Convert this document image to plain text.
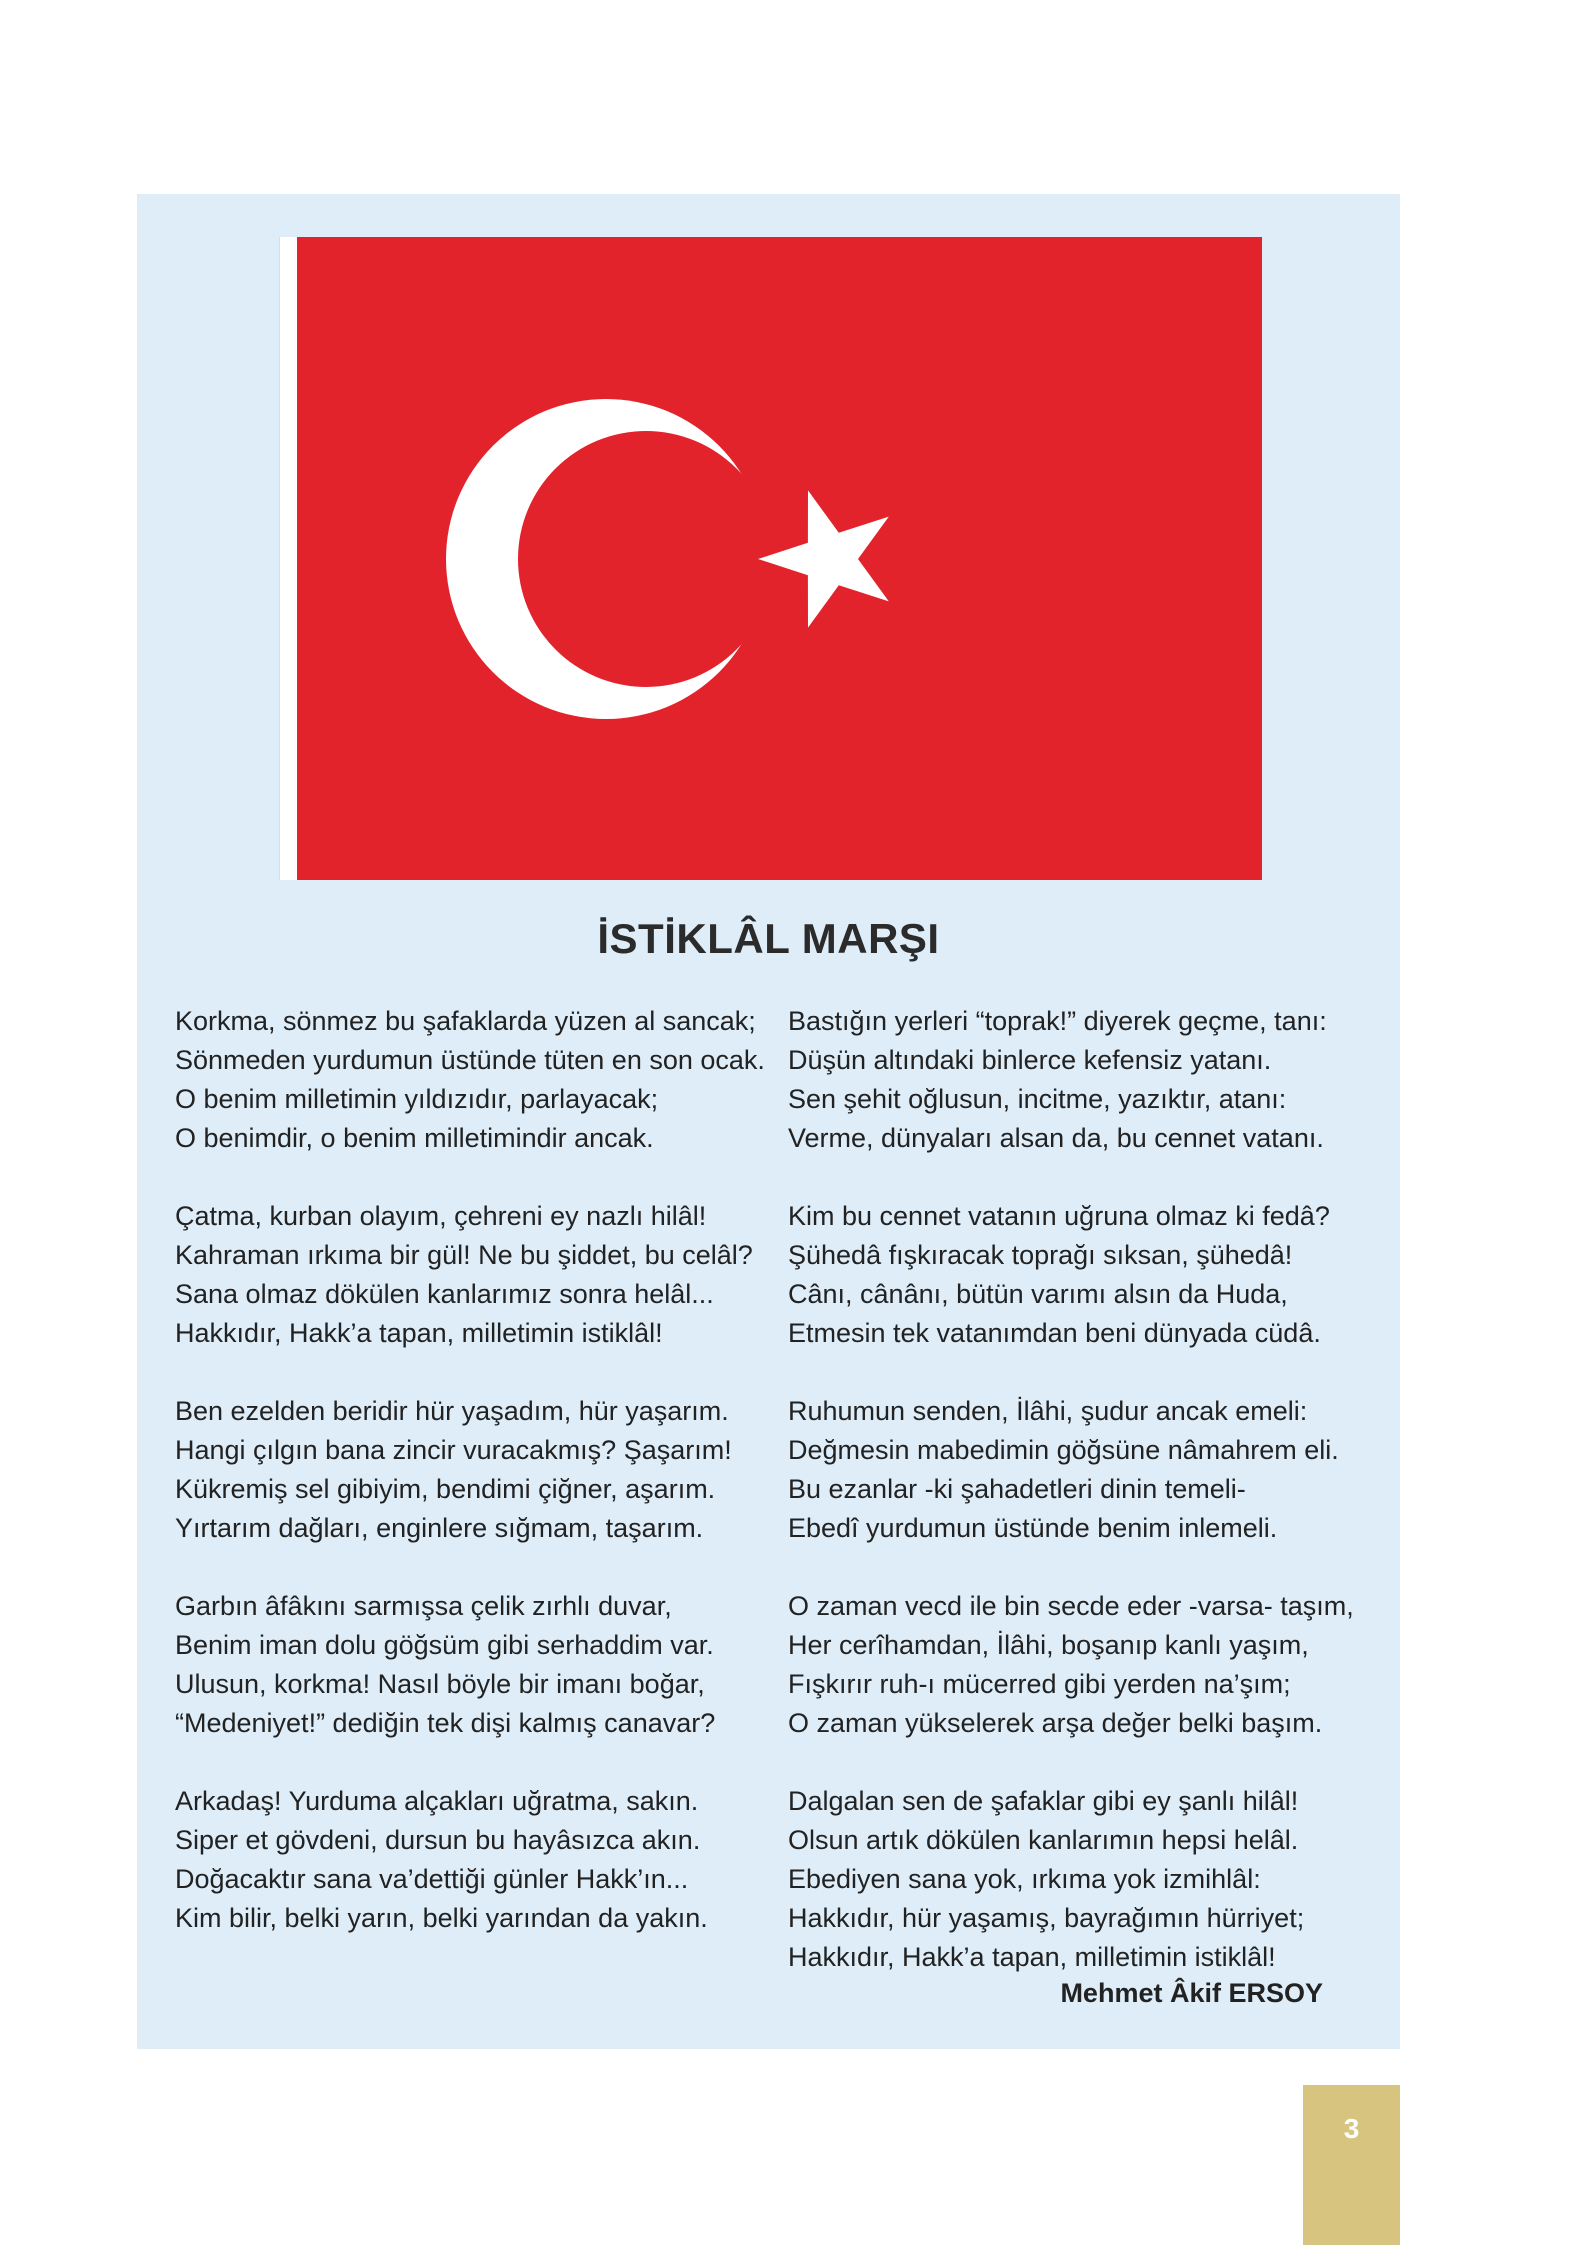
İSTİKLÂL MARŞI
Korkma, sönmez bu şafaklarda yüzen al sancak;
Sönmeden yurdumun üstünde tüten en son ocak.
O benim milletimin yıldızıdır, parlayacak;
O benimdir, o benim milletimindir ancak.
Çatma, kurban olayım, çehreni ey nazlı hilâl!
Kahraman ırkıma bir gül! Ne bu şiddet, bu celâl?
Sana olmaz dökülen kanlarımız sonra helâl...
Hakkıdır, Hakk’a tapan, milletimin istiklâl!
Ben ezelden beridir hür yaşadım, hür yaşarım.
Hangi çılgın bana zincir vuracakmış? Şaşarım!
Kükremiş sel gibiyim, bendimi çiğner, aşarım.
Yırtarım dağları, enginlere sığmam, taşarım.
Garbın âfâkını sarmışsa çelik zırhlı duvar,
Benim iman dolu göğsüm gibi serhaddim var.
Ulusun, korkma! Nasıl böyle bir imanı boğar,
“Medeniyet!” dediğin tek dişi kalmış canavar?
Arkadaş! Yurduma alçakları uğratma, sakın.
Siper et gövdeni, dursun bu hayâsızca akın.
Doğacaktır sana va’dettiği günler Hakk’ın...
Kim bilir, belki yarın, belki yarından da yakın.
Bastığın yerleri “toprak!” diyerek geçme, tanı:
Düşün altındaki binlerce kefensiz yatanı.
Sen şehit oğlusun, incitme, yazıktır, atanı:
Verme, dünyaları alsan da, bu cennet vatanı.
Kim bu cennet vatanın uğruna olmaz ki fedâ?
Şühedâ fışkıracak toprağı sıksan, şühedâ!
Cânı, cânânı, bütün varımı alsın da Huda,
Etmesin tek vatanımdan beni dünyada cüdâ.
Ruhumun senden, İlâhi, şudur ancak emeli:
Değmesin mabedimin göğsüne nâmahrem eli.
Bu ezanlar -ki şahadetleri dinin temeli-
Ebedî yurdumun üstünde benim inlemeli.
O zaman vecd ile bin secde eder -varsa- taşım,
Her cerîhamdan, İlâhi, boşanıp kanlı yaşım,
Fışkırır ruh-ı mücerred gibi yerden na’şım;
O zaman yükselerek arşa değer belki başım.
Dalgalan sen de şafaklar gibi ey şanlı hilâl!
Olsun artık dökülen kanlarımın hepsi helâl.
Ebediyen sana yok, ırkıma yok izmihlâl:
Hakkıdır, hür yaşamış, bayrağımın hürriyet;
Hakkıdır, Hakk’a tapan, milletimin istiklâl!
Mehmet Âkif ERSOY
3
